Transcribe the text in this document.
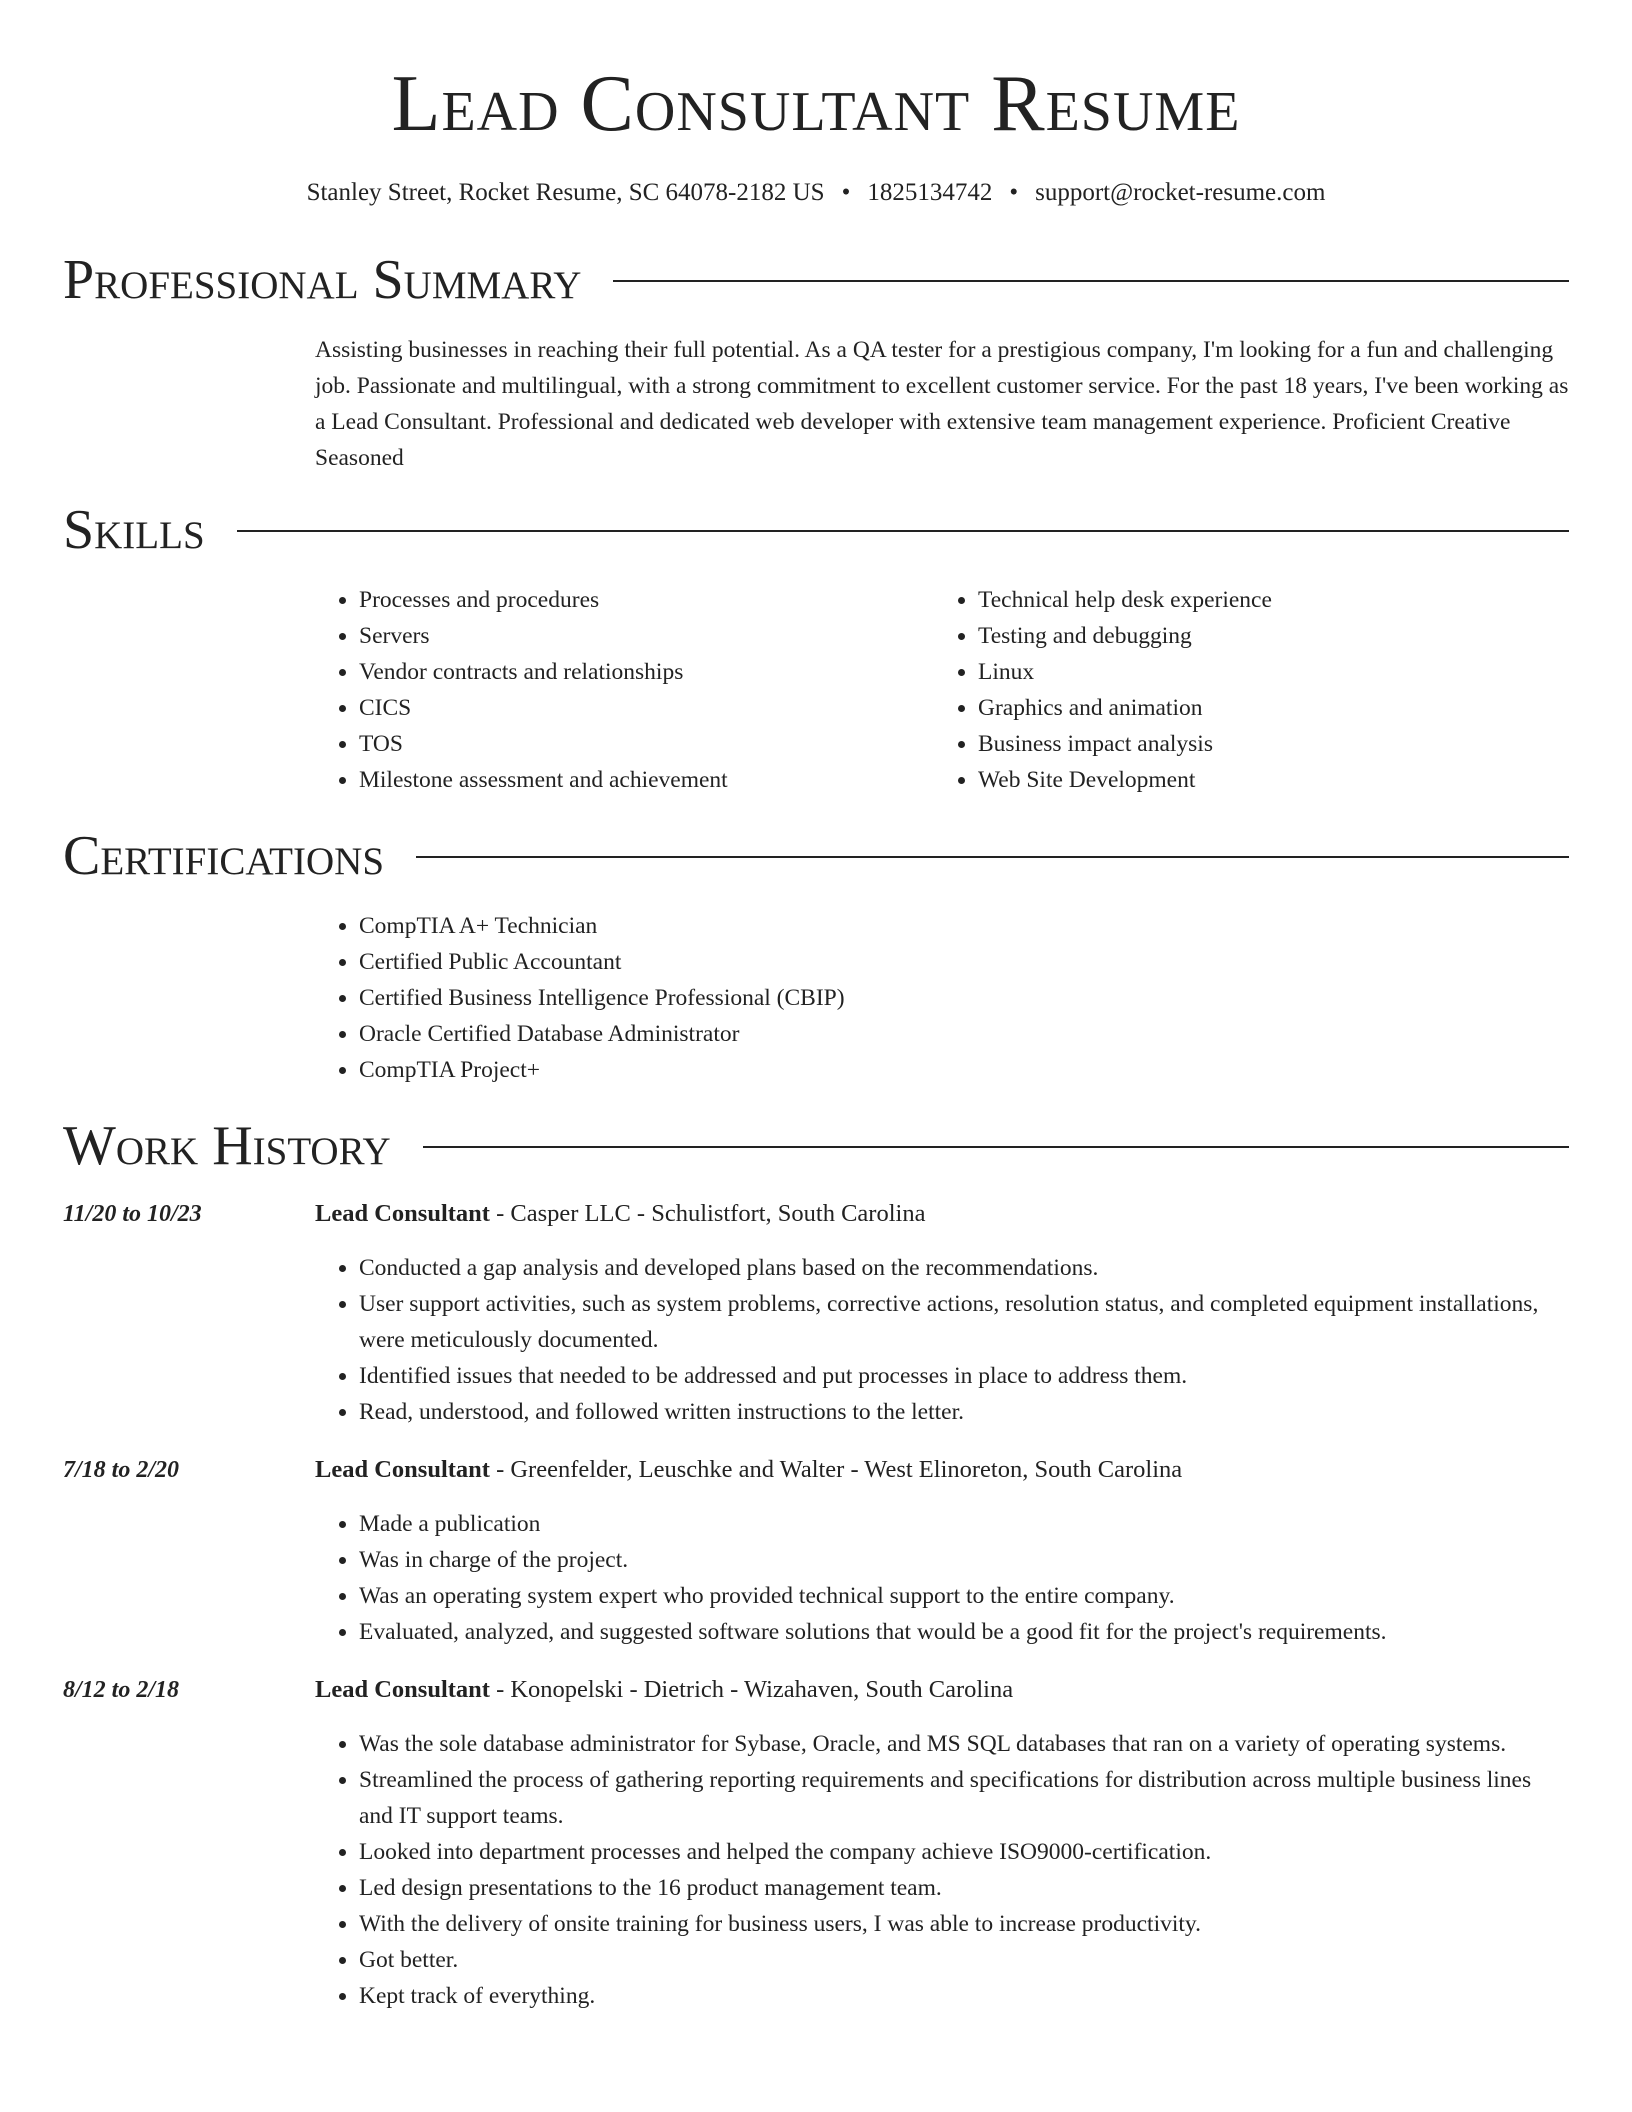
Lead Consultant Resume
Stanley Street, Rocket Resume, SC 64078-2182 US • 1825134742 • support@rocket-resume.com
Professional Summary
Assisting businesses in reaching their full potential. As a QA tester for a prestigious company, I'm looking for a fun and challenging job. Passionate and multilingual, with a strong commitment to excellent customer service. For the past 18 years, I've been working as a Lead Consultant. Professional and dedicated web developer with extensive team management experience. Proficient Creative Seasoned
Skills
• Processes and procedures
• Servers
• Vendor contracts and relationships
• CICS
• TOS
• Milestone assessment and achievement
• Technical help desk experience
• Testing and debugging
• Linux
• Graphics and animation
• Business impact analysis
• Web Site Development
Certifications
• CompTIA A+ Technician
• Certified Public Accountant
• Certified Business Intelligence Professional (CBIP)
• Oracle Certified Database Administrator
• CompTIA Project+
Work History
11/20 to 10/23	Lead Consultant - Casper LLC - Schulistfort, South Carolina
• Conducted a gap analysis and developed plans based on the recommendations.
• User support activities, such as system problems, corrective actions, resolution status, and completed equipment installations, were meticulously documented.
• Identified issues that needed to be addressed and put processes in place to address them.
• Read, understood, and followed written instructions to the letter.
7/18 to 2/20	Lead Consultant - Greenfelder, Leuschke and Walter - West Elinoreton, South Carolina
• Made a publication
• Was in charge of the project.
• Was an operating system expert who provided technical support to the entire company.
• Evaluated, analyzed, and suggested software solutions that would be a good fit for the project's requirements.
8/12 to 2/18	Lead Consultant - Konopelski - Dietrich - Wizahaven, South Carolina
• Was the sole database administrator for Sybase, Oracle, and MS SQL databases that ran on a variety of operating systems.
• Streamlined the process of gathering reporting requirements and specifications for distribution across multiple business lines and IT support teams.
• Looked into department processes and helped the company achieve ISO9000-certification.
• Led design presentations to the 16 product management team.
• With the delivery of onsite training for business users, I was able to increase productivity.
• Got better.
• Kept track of everything.
